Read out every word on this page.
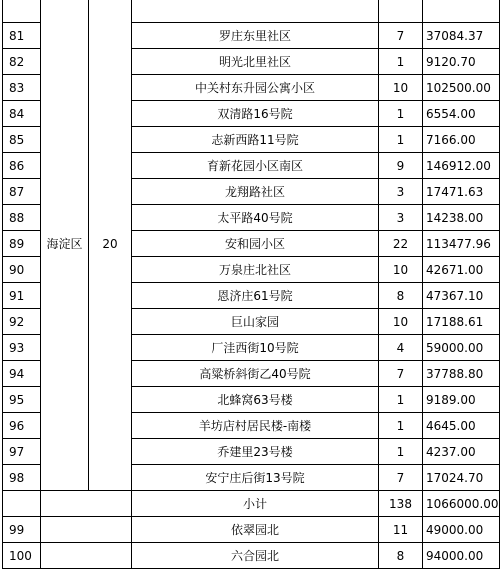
	海淀区	20			
81			罗庄东里社区	7	37084.37
82			明光北里社区	1	9120.70
83			中关村东升园公寓小区	10	102500.00
84			双清路16号院	1	6554.00
85			志新西路11号院	1	7166.00
86			育新花园小区南区	9	146912.00
87			龙翔路社区	3	17471.63
88			太平路40号院	3	14238.00
89			安和园小区	22	113477.96
90			万泉庄北社区	10	42671.00
91			恩济庄61号院	8	47367.10
92			巨山家园	10	17188.61
93			厂洼西街10号院	4	59000.00
94			高粱桥斜街乙40号院	7	37788.80
95			北蜂窝63号楼	1	9189.00
96			羊坊店村居民楼-南楼	1	4645.00
97			乔建里23号楼	1	4237.00
98			安宁庄后街13号院	7	17024.70
			小计	138	1066000.00
99			依翠园北	11	49000.00
100			六合园北	8	94000.00
